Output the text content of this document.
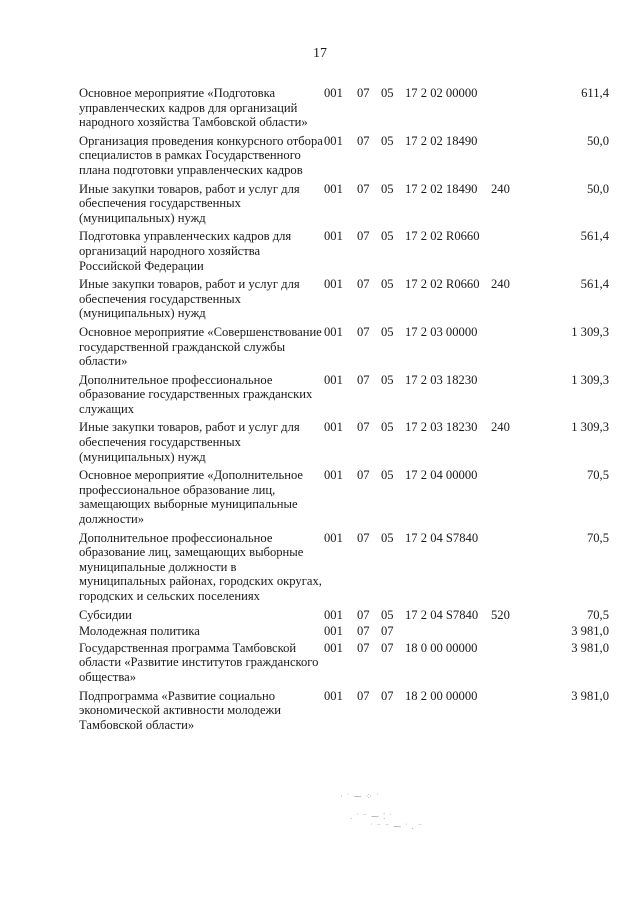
17
Основное мероприятие «Подготовка управленческих кадров для организаций народного хозяйства Тамбовской области»	001	07	05	17 2 02 00000		611,4
Организация проведения конкурсного отбора специалистов в рамках Государственного плана подготовки управленческих кадров	001	07	05	17 2 02 18490		50,0
Иные закупки товаров, работ и услуг для обеспечения государственных (муниципальных) нужд	001	07	05	17 2 02 18490	240	50,0
Подготовка управленческих кадров для организаций народного хозяйства Российской Федерации	001	07	05	17 2 02 R0660		561,4
Иные закупки товаров, работ и услуг для обеспечения государственных (муниципальных) нужд	001	07	05	17 2 02 R0660	240	561,4
Основное мероприятие «Совершенствование государственной гражданской службы области»	001	07	05	17 2 03 00000		1 309,3
Дополнительное профессиональное образование государственных гражданских служащих	001	07	05	17 2 03 18230		1 309,3
Иные закупки товаров, работ и услуг для обеспечения государственных (муниципальных) нужд	001	07	05	17 2 03 18230	240	1 309,3
Основное мероприятие «Дополнительное профессиональное образование лиц, замещающих выборные муниципальные должности»	001	07	05	17 2 04 00000		70,5
Дополнительное профессиональное образование лиц, замещающих выборные муниципальные должности в муниципальных районах, городских округах, городских и сельских поселениях	001	07	05	17 2 04 S7840		70,5
Субсидии	001	07	05	17 2 04 S7840	520	70,5
Молодежная политика	001	07	07			3 981,0
Государственная программа Тамбовской области «Развитие институтов гражданского общества»	001	07	07	18 0 00 00000		3 981,0
Подпрограмма «Развитие социально экономической активности молодежи Тамбовской области»	001	07	07	18 2 00 00000		3 981,0
· ˙ ⁓ ⁘ ˙
. ˙ ⁻ ⁓ ⁚ ˙
˙ ⁻ ⁻ ⁓ ˙ . ⁻
